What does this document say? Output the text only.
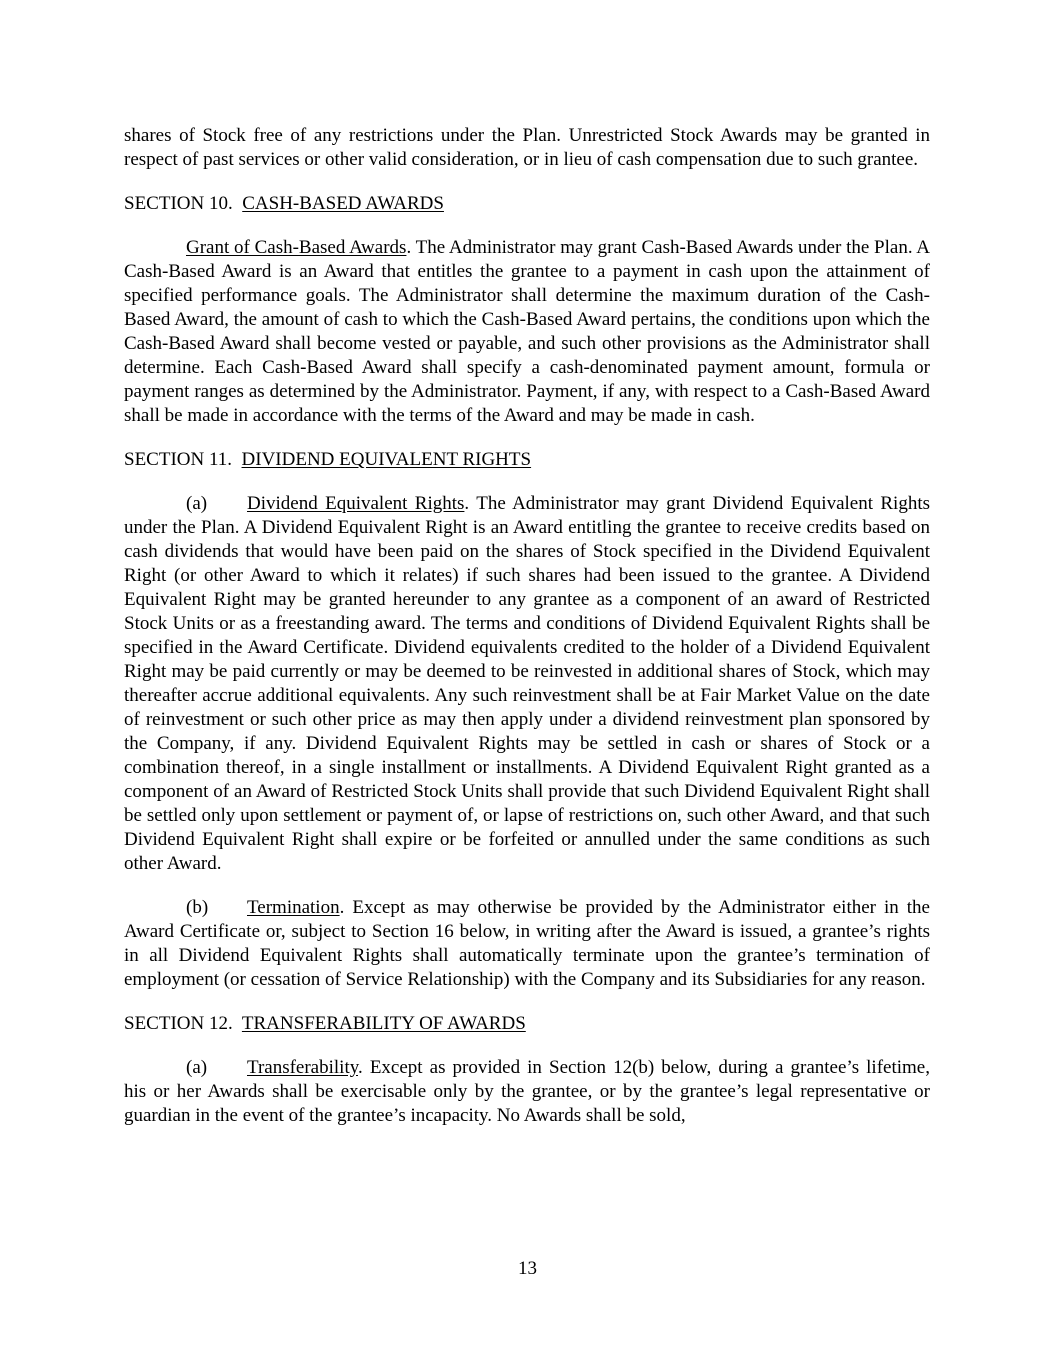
shares of Stock free of any restrictions under the Plan. Unrestricted Stock Awards may be granted in respect of past services or other valid consideration, or in lieu of cash compensation due to such grantee.

SECTION 10. CASH-BASED AWARDS

Grant of Cash-Based Awards. The Administrator may grant Cash-Based Awards under the Plan. A Cash-Based Award is an Award that entitles the grantee to a payment in cash upon the attainment of specified performance goals. The Administrator shall determine the maximum duration of the Cash-Based Award, the amount of cash to which the Cash-Based Award pertains, the conditions upon which the Cash-Based Award shall become vested or payable, and such other provisions as the Administrator shall determine. Each Cash-Based Award shall specify a cash-denominated payment amount, formula or payment ranges as determined by the Administrator. Payment, if any, with respect to a Cash-Based Award shall be made in accordance with the terms of the Award and may be made in cash.

SECTION 11. DIVIDEND EQUIVALENT RIGHTS

(a) Dividend Equivalent Rights. The Administrator may grant Dividend Equivalent Rights under the Plan. A Dividend Equivalent Right is an Award entitling the grantee to receive credits based on cash dividends that would have been paid on the shares of Stock specified in the Dividend Equivalent Right (or other Award to which it relates) if such shares had been issued to the grantee. A Dividend Equivalent Right may be granted hereunder to any grantee as a component of an award of Restricted Stock Units or as a freestanding award. The terms and conditions of Dividend Equivalent Rights shall be specified in the Award Certificate. Dividend equivalents credited to the holder of a Dividend Equivalent Right may be paid currently or may be deemed to be reinvested in additional shares of Stock, which may thereafter accrue additional equivalents. Any such reinvestment shall be at Fair Market Value on the date of reinvestment or such other price as may then apply under a dividend reinvestment plan sponsored by the Company, if any. Dividend Equivalent Rights may be settled in cash or shares of Stock or a combination thereof, in a single installment or installments. A Dividend Equivalent Right granted as a component of an Award of Restricted Stock Units shall provide that such Dividend Equivalent Right shall be settled only upon settlement or payment of, or lapse of restrictions on, such other Award, and that such Dividend Equivalent Right shall expire or be forfeited or annulled under the same conditions as such other Award.

(b) Termination. Except as may otherwise be provided by the Administrator either in the Award Certificate or, subject to Section 16 below, in writing after the Award is issued, a grantee’s rights in all Dividend Equivalent Rights shall automatically terminate upon the grantee’s termination of employment (or cessation of Service Relationship) with the Company and its Subsidiaries for any reason.

SECTION 12. TRANSFERABILITY OF AWARDS

(a) Transferability. Except as provided in Section 12(b) below, during a grantee’s lifetime, his or her Awards shall be exercisable only by the grantee, or by the grantee’s legal representative or guardian in the event of the grantee’s incapacity. No Awards shall be sold,

13
